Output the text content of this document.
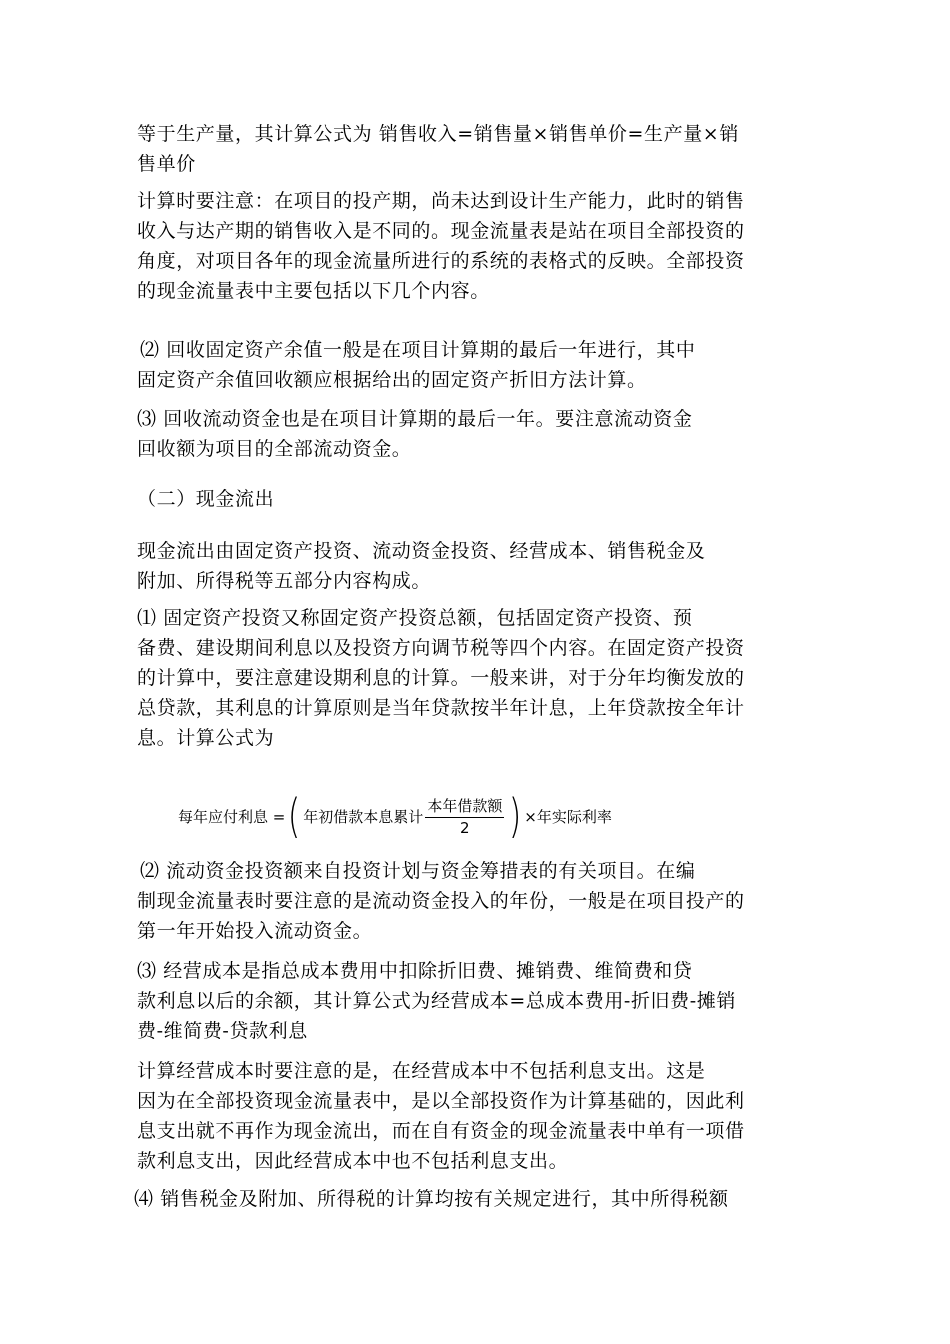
等于生产量，其计算公式为 销售收入=销售量×销售单价=生产量×销
售单价
计算时要注意：在项目的投产期，尚未达到设计生产能力，此时的销售
收入与达产期的销售收入是不同的。现金流量表是站在项目全部投资的
角度，对项目各年的现金流量所进行的系统的表格式的反映。全部投资
的现金流量表中主要包括以下几个内容。
⑵ 回收固定资产余值一般是在项目计算期的最后一年进行，其中
固定资产余值回收额应根据给出的固定资产折旧方法计算。
⑶ 回收流动资金也是在项目计算期的最后一年。要注意流动资金
回收额为项目的全部流动资金。
（二）现金流出
现金流出由固定资产投资、流动资金投资、经营成本、销售税金及
附加、所得税等五部分内容构成。
⑴ 固定资产投资又称固定资产投资总额，包括固定资产投资、预
备费、建设期间利息以及投资方向调节税等四个内容。在固定资产投资
的计算中，要注意建设期利息的计算。一般来讲，对于分年均衡发放的
总贷款，其利息的计算原则是当年贷款按半年计息，上年贷款按全年计
息。计算公式为
⑵ 流动资金投资额来自投资计划与资金筹措表的有关项目。在编
制现金流量表时要注意的是流动资金投入的年份，一般是在项目投产的
第一年开始投入流动资金。
⑶ 经营成本是指总成本费用中扣除折旧费、摊销费、维简费和贷
款利息以后的余额，其计算公式为经营成本=总成本费用-折旧费-摊销
费-维简费-贷款利息
计算经营成本时要注意的是，在经营成本中不包括利息支出。这是
因为在全部投资现金流量表中，是以全部投资作为计算基础的，因此利
息支出就不再作为现金流出，而在自有资金的现金流量表中单有一项借
款利息支出，因此经营成本中也不包括利息支出。
⑷ 销售税金及附加、所得税的计算均按有关规定进行，其中所得税额
每年应付利息 = ( 年初借款本息累计 $\frac{\text{本年借款额}}{2}$ ) ×年实际利率
